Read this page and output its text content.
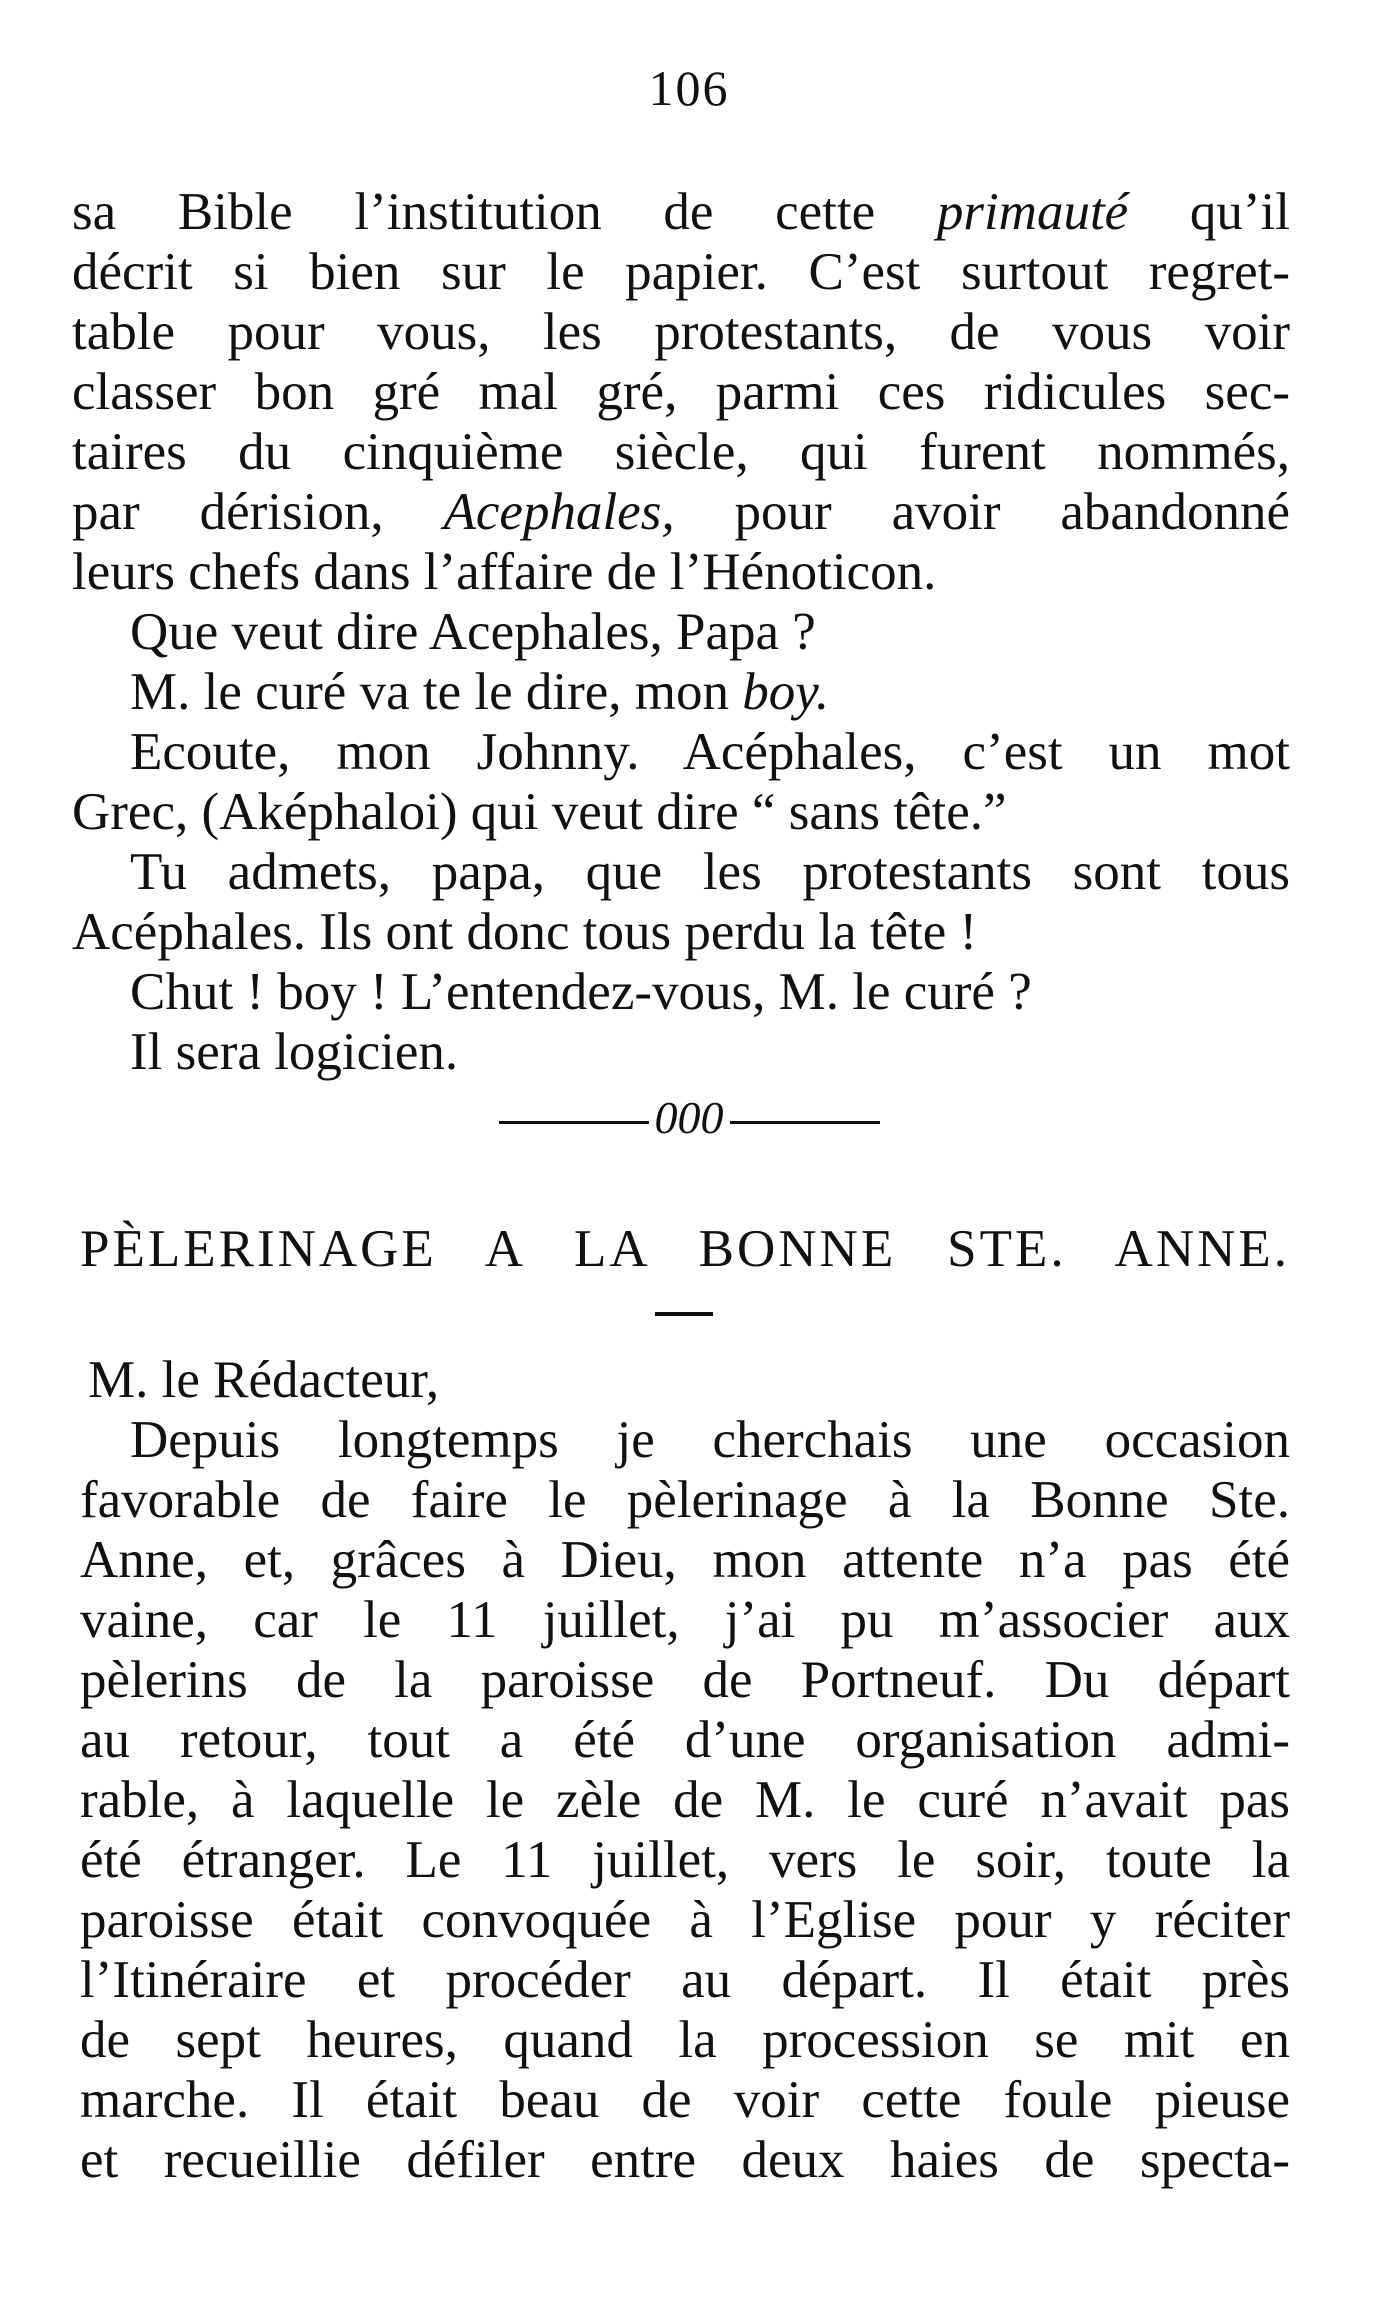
106
sa Bible l’institution de cette primauté qu’il
décrit si bien sur le papier. C’est surtout regret-
table pour vous, les protestants, de vous voir
classer bon gré mal gré, parmi ces ridicules sec-
taires du cinquième siècle, qui furent nommés,
par dérision, Acephales, pour avoir abandonné
leurs chefs dans l’affaire de l’Hénoticon.
Que veut dire Acephales, Papa ?
M. le curé va te le dire, mon boy.
Ecoute, mon Johnny. Acéphales, c’est un mot
Grec, (Aképhaloi) qui veut dire “ sans tête.”
Tu admets, papa, que les protestants sont tous
Acéphales. Ils ont donc tous perdu la tête !
Chut ! boy ! L’entendez-vous, M. le curé ?
Il sera logicien.
000
PÈLERINAGE A LA BONNE STE. ANNE.
M. le Rédacteur,
Depuis longtemps je cherchais une occasion
favorable de faire le pèlerinage à la Bonne Ste.
Anne, et, grâces à Dieu, mon attente n’a pas été
vaine, car le 11 juillet, j’ai pu m’associer aux
pèlerins de la paroisse de Portneuf. Du départ
au retour, tout a été d’une organisation admi-
rable, à laquelle le zèle de M. le curé n’avait pas
été étranger. Le 11 juillet, vers le soir, toute la
paroisse était convoquée à l’Eglise pour y réciter
l’Itinéraire et procéder au départ. Il était près
de sept heures, quand la procession se mit en
marche. Il était beau de voir cette foule pieuse
et recueillie défiler entre deux haies de specta-
